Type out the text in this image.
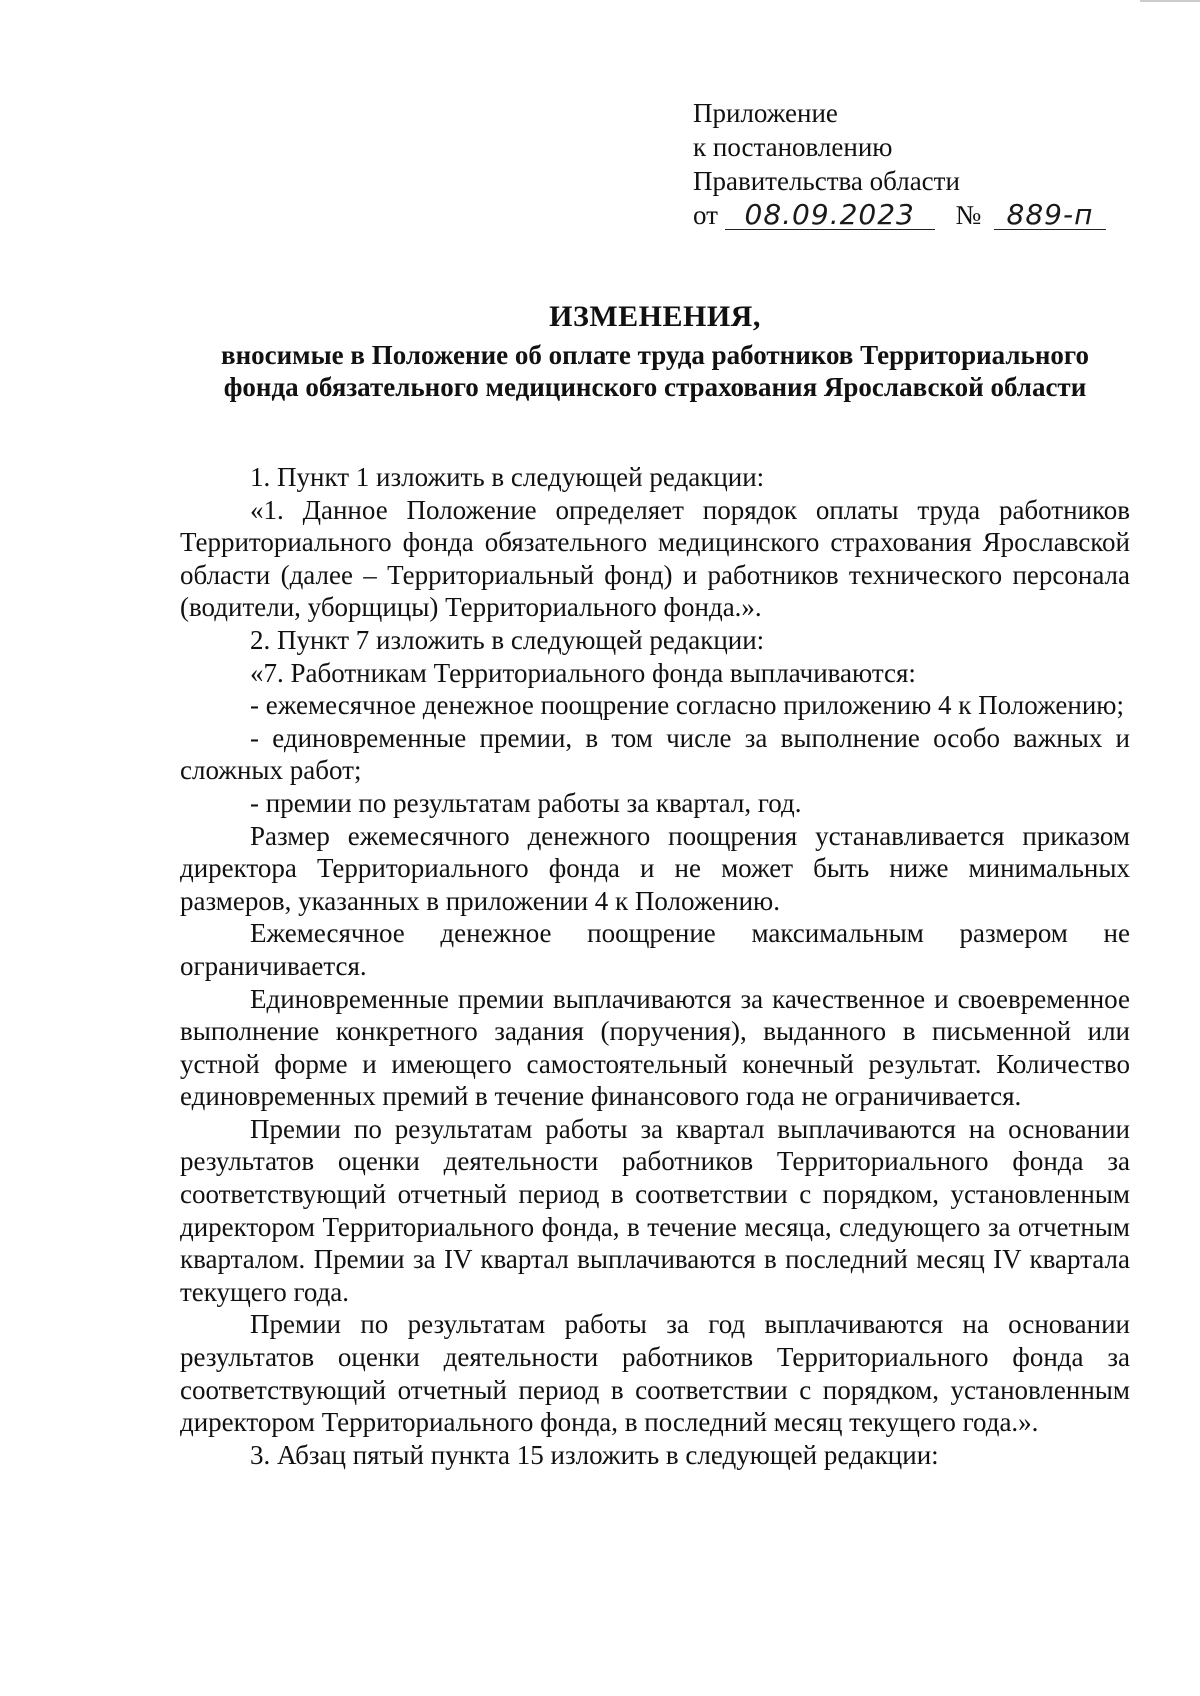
Приложение
к постановлению
Правительства области
от 08.09.2023 № 889-п
ИЗМЕНЕНИЯ,
вносимые в Положение об оплате труда работников Территориального
фонда обязательного медицинского страхования Ярославской области

1. Пункт 1 изложить в следующей редакции:

«1. Данное Положение определяет порядок оплаты труда работников Территориального фонда обязательного медицинского страхования Ярославской области (далее – Территориальный фонд) и работников технического персонала (водители, уборщицы) Территориального фонда.».

2. Пункт 7 изложить в следующей редакции:

«7. Работникам Территориального фонда выплачиваются:

- ежемесячное денежное поощрение согласно приложению 4 к Положению;

- единовременные премии, в том числе за выполнение особо важных и сложных работ;

- премии по результатам работы за квартал, год.

Размер ежемесячного денежного поощрения устанавливается приказом директора Территориального фонда и не может быть ниже минимальных размеров, указанных в приложении 4 к Положению.

Ежемесячное денежное поощрение максимальным размером не ограничивается.

Единовременные премии выплачиваются за качественное и своевременное выполнение конкретного задания (поручения), выданного в письменной или устной форме и имеющего самостоятельный конечный результат. Количество единовременных премий в течение финансового года не ограничивается.

Премии по результатам работы за квартал выплачиваются на основании результатов оценки деятельности работников Территориального фонда за соответствующий отчетный период в соответствии с порядком, установленным директором Территориального фонда, в течение месяца, следующего за отчетным кварталом. Премии за IV квартал выплачиваются в последний месяц IV квартала текущего года.

Премии по результатам работы за год выплачиваются на основании результатов оценки деятельности работников Территориального фонда за соответствующий отчетный период в соответствии с порядком, установленным директором Территориального фонда, в последний месяц текущего года.».

3. Абзац пятый пункта 15 изложить в следующей редакции:
